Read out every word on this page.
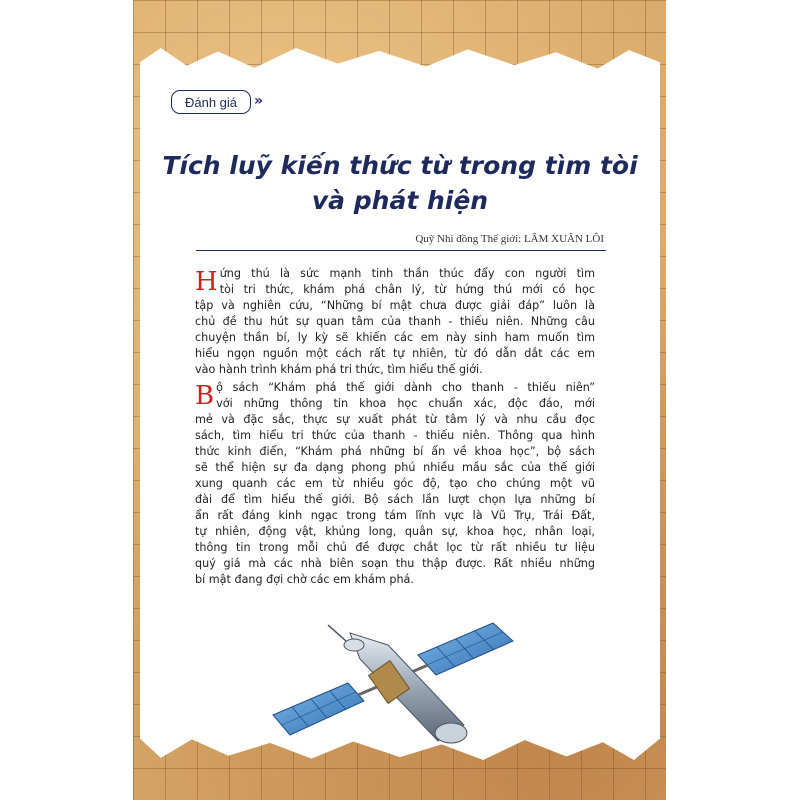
Đánh giá »
Tích luỹ kiến thức từ trong tìm tòi
và phát hiện
Quỹ Nhi đồng Thế giới: LÂM XUÂN LÔI
H ứng thú là sức mạnh tinh thần thúc đẩy con người tìm
tòi tri thức, khám phá chân lý, từ hứng thú mới có học
tập và nghiên cứu, “Những bí mật chưa được giải đáp” luôn là
chủ đề thu hút sự quan tâm của thanh - thiếu niên. Những câu
chuyện thần bí, ly kỳ sẽ khiến các em này sinh ham muốn tìm
hiểu ngọn nguồn một cách rất tự nhiên, từ đó dẫn dắt các em
vào hành trình khám phá tri thức, tìm hiểu thế giới.
B ộ sách “Khám phá thế giới dành cho thanh - thiếu niên”
với những thông tin khoa học chuẩn xác, độc đáo, mới
mẻ và đặc sắc, thực sự xuất phát từ tâm lý và nhu cầu đọc
sách, tìm hiểu tri thức của thanh - thiếu niên. Thông qua hình
thức kinh điển, “Khám phá những bí ẩn về khoa học”, bộ sách
sẽ thể hiện sự đa dạng phong phú nhiều mầu sắc của thế giới
xung quanh các em từ nhiều góc độ, tạo cho chúng một vũ
đài để tìm hiểu thế giới. Bộ sách lần lượt chọn lựa những bí
ẩn rất đáng kinh ngạc trong tám lĩnh vực là Vũ Trụ, Trái Đất,
tự nhiên, động vật, khủng long, quân sự, khoa học, nhân loại,
thông tin trong mỗi chủ đề được chắt lọc từ rất nhiều tư liệu
quý giá mà các nhà biên soạn thu thập được. Rất nhiều những
bí mật đang đợi chờ các em khám phá.
